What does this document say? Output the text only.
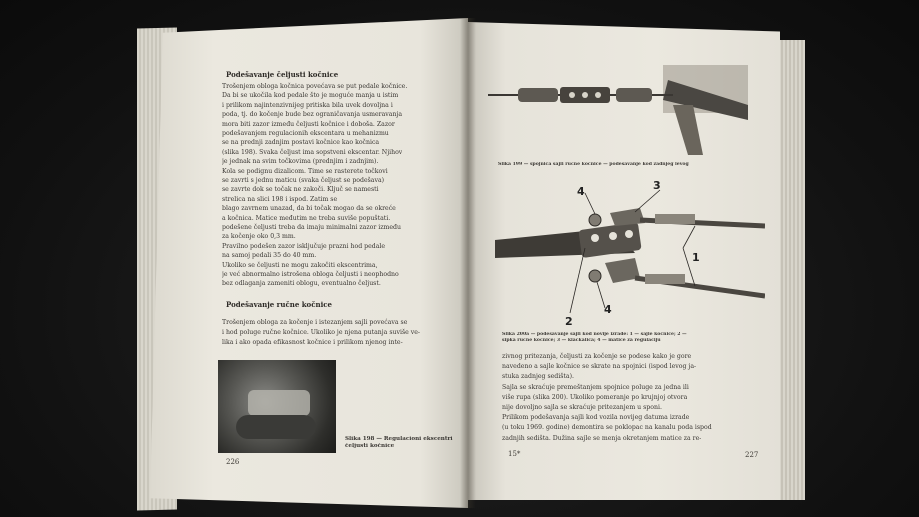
Podešavanje čeljusti kočnice
Trošenjem obloga kočnica povećava se put pedale kočnice.
Da bi se ukočila kod pedale što je moguće manja u istim
i prilikom najintenzivnijeg pritiska bila uvek dovoljna i
poda, tj. do kočenje bude bez ograničavanja usmeravanja
mora biti zazor između čeljusti kočnice i doboša. Zazor
podešavanjem regulacionih ekscentara u mehanizmu
se na prednji zadnjim postavi kočnice kao kočnica
(slika 198). Svaka čeljust ima sopstveni ekscentar. Njihov
je jednak na svim točkovima (prednjim i zadnjim).
Kola se podignu dizalicom. Time se rasterete točkovi
se zavrti s jednu maticu (svaka čeljust se podešava)
se zavrte dok se točak ne zakoči. Ključ se namesti
strelica na slici 198 i ispod. Zatim se
blago zavrnem unazad, da bi točak mogao da se okreće
a kočnica. Matice međutim ne treba suviše popuštati.
podešene čeljusti treba da imaju minimalni zazor između
za kočenje oko 0,3 mm.
Pravilno podešen zazor isključuje prazni hod pedale
na samoj pedali 35 do 40 mm.
Ukoliko se čeljusti ne mogu zakočiti ekscentrima,
je već abnormalno istrošena obloga čeljusti i neophodno
bez odlaganja zameniti oblogu, eventualno čeljust.
Podešavanje ručne kočnice
Trošenjem obloga za kočenje i istezanjem sajli povećava se
i hod poluge ručne kočnice. Ukoliko je njena putanja suviše ve-
lika i ako opada efikasnost kočnice i prilikom njenog inte-
Slika 198 — Regulacioni ekscentri
čeljusti kočnice
226
Slika 199 — spojnica sajli ručne kočnice — podešavanje kod zadnjeg levog
4	3
4
2
1
Slika 200a — podešavanje sajli kod novije izrade: 1 — sajle kočnice; 2 —
šipka ručne kočnice; 3 — klackalica; 4 — matice za regulaciju
zivnog pritezanja, čeljusti za kočenje se podese kako je gore
navedeno a sajle kočnice se skrate na spojnici (ispod levog ja-
stuka zadnjeg sedišta).
Sajla se skraćuje premeštanjem spojnice poluge za jedna ili
više rupa (slika 200). Ukoliko pomeranje po krujnjoj otvora
nije dovoljno sajla se skraćuje pritezanjem u sponi.
Prilikom podešavanja sajli kod vozila novijeg datuma izrade
(u toku 1969. godine) demontira se poklopac na kanalu poda ispod
zadnjih sedišta. Dužina sajle se menja okretanjem matice za re-
15*	227
